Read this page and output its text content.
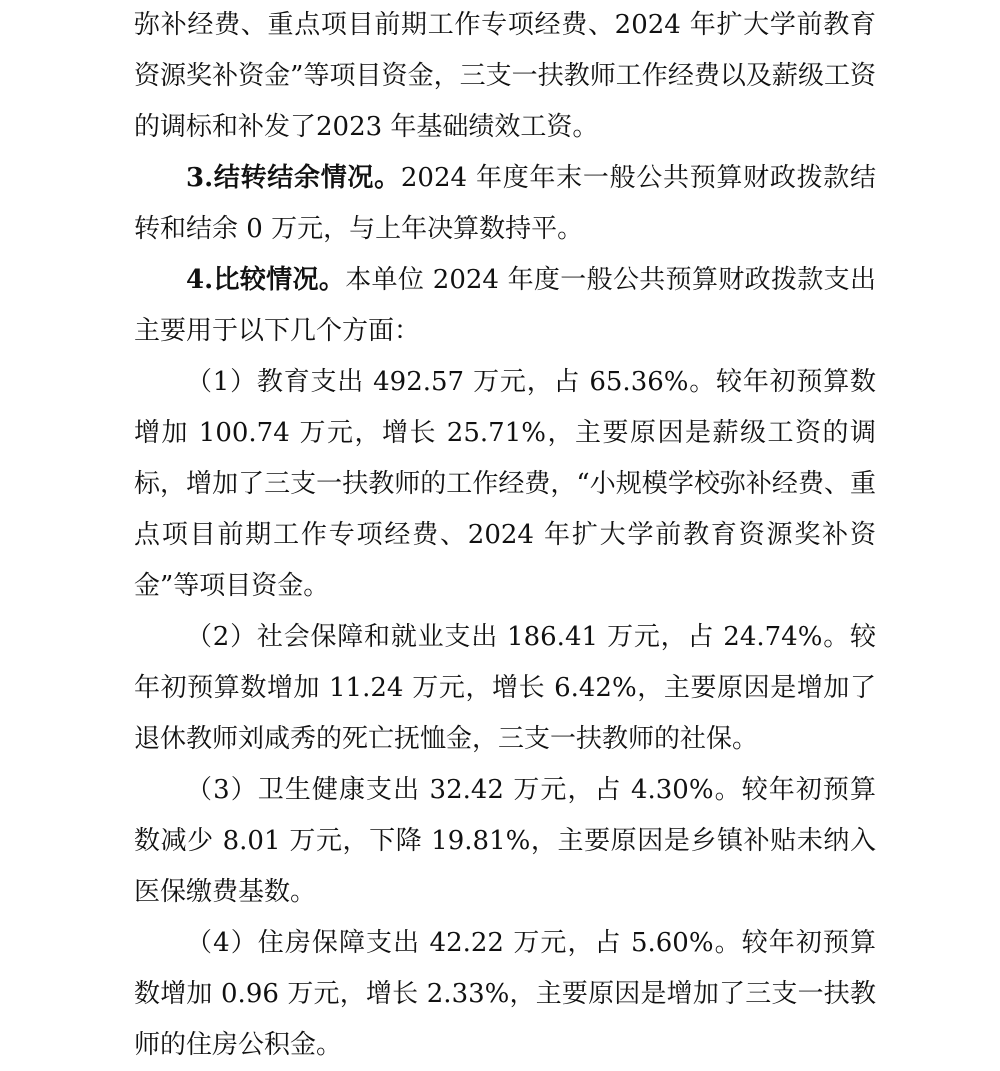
弥补经费、重点项目前期工作专项经费、2024 年扩大学前教育资源奖补资金”等项目资金，三支一扶教师工作经费以及薪级工资的调标和补发了2023 年基础绩效工资。

3.结转结余情况。2024 年度年末一般公共预算财政拨款结转和结余 0 万元，与上年决算数持平。

4.比较情况。本单位 2024 年度一般公共预算财政拨款支出主要用于以下几个方面：

（1）教育支出 492.57 万元，占 65.36%。较年初预算数增加 100.74 万元，增长 25.71%，主要原因是薪级工资的调标，增加了三支一扶教师的工作经费，“小规模学校弥补经费、重点项目前期工作专项经费、2024 年扩大学前教育资源奖补资金”等项目资金。

（2）社会保障和就业支出 186.41 万元，占 24.74%。较年初预算数增加 11.24 万元，增长 6.42%，主要原因是增加了退休教师刘咸秀的死亡抚恤金，三支一扶教师的社保。

（3）卫生健康支出 32.42 万元，占 4.30%。较年初预算数减少 8.01 万元，下降 19.81%，主要原因是乡镇补贴未纳入医保缴费基数。

（4）住房保障支出 42.22 万元，占 5.60%。较年初预算数增加 0.96 万元，增长 2.33%，主要原因是增加了三支一扶教师的住房公积金。
